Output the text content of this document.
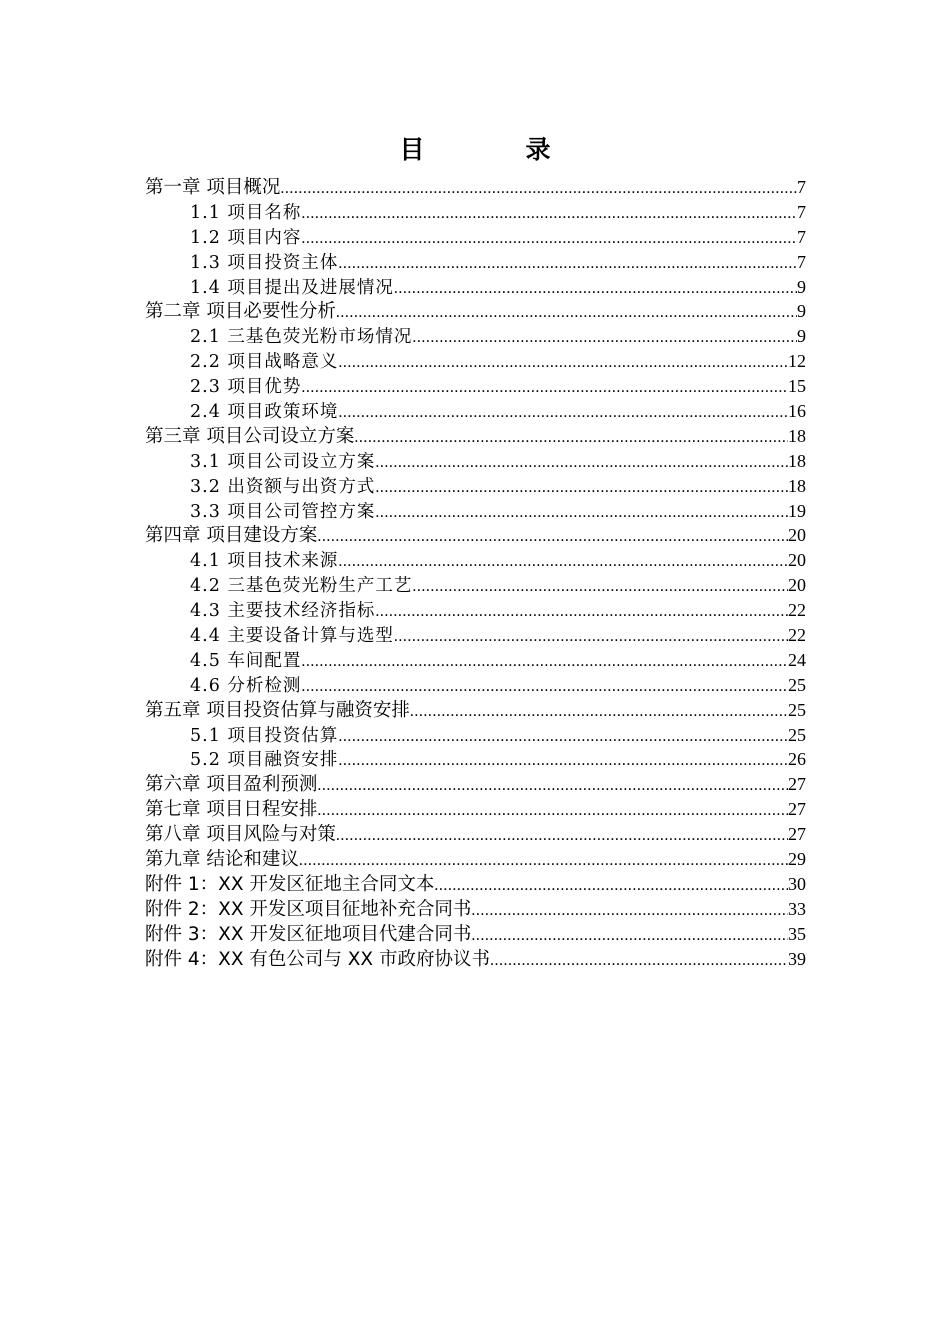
目　录
第一章 项目概况 .....	7
1.1 项目名称 .....	7
1.2 项目内容 .....	7
1.3 项目投资主体 .....	7
1.4 项目提出及进展情况 .....	9
第二章 项目必要性分析 .....	9
2.1 三基色荧光粉市场情况 .....	9
2.2 项目战略意义 .....	12
2.3 项目优势 .....	15
2.4 项目政策环境 .....	16
第三章 项目公司设立方案 .....	18
3.1 项目公司设立方案 .....	18
3.2 出资额与出资方式 .....	18
3.3 项目公司管控方案 .....	19
第四章 项目建设方案 .....	20
4.1 项目技术来源 .....	20
4.2 三基色荧光粉生产工艺 .....	20
4.3 主要技术经济指标 .....	22
4.4 主要设备计算与选型 .....	22
4.5 车间配置 .....	24
4.6 分析检测 .....	25
第五章 项目投资估算与融资安排 .....	25
5.1 项目投资估算 .....	25
5.2 项目融资安排 .....	26
第六章 项目盈利预测 .....	27
第七章 项目日程安排 .....	27
第八章 项目风险与对策 .....	27
第九章 结论和建议 .....	29
附件 1：XX 开发区征地主合同文本 .....	30
附件 2：XX 开发区项目征地补充合同书 .....	33
附件 3：XX 开发区征地项目代建合同书 .....	35
附件 4：XX 有色公司与 XX 市政府协议书 .....	39
